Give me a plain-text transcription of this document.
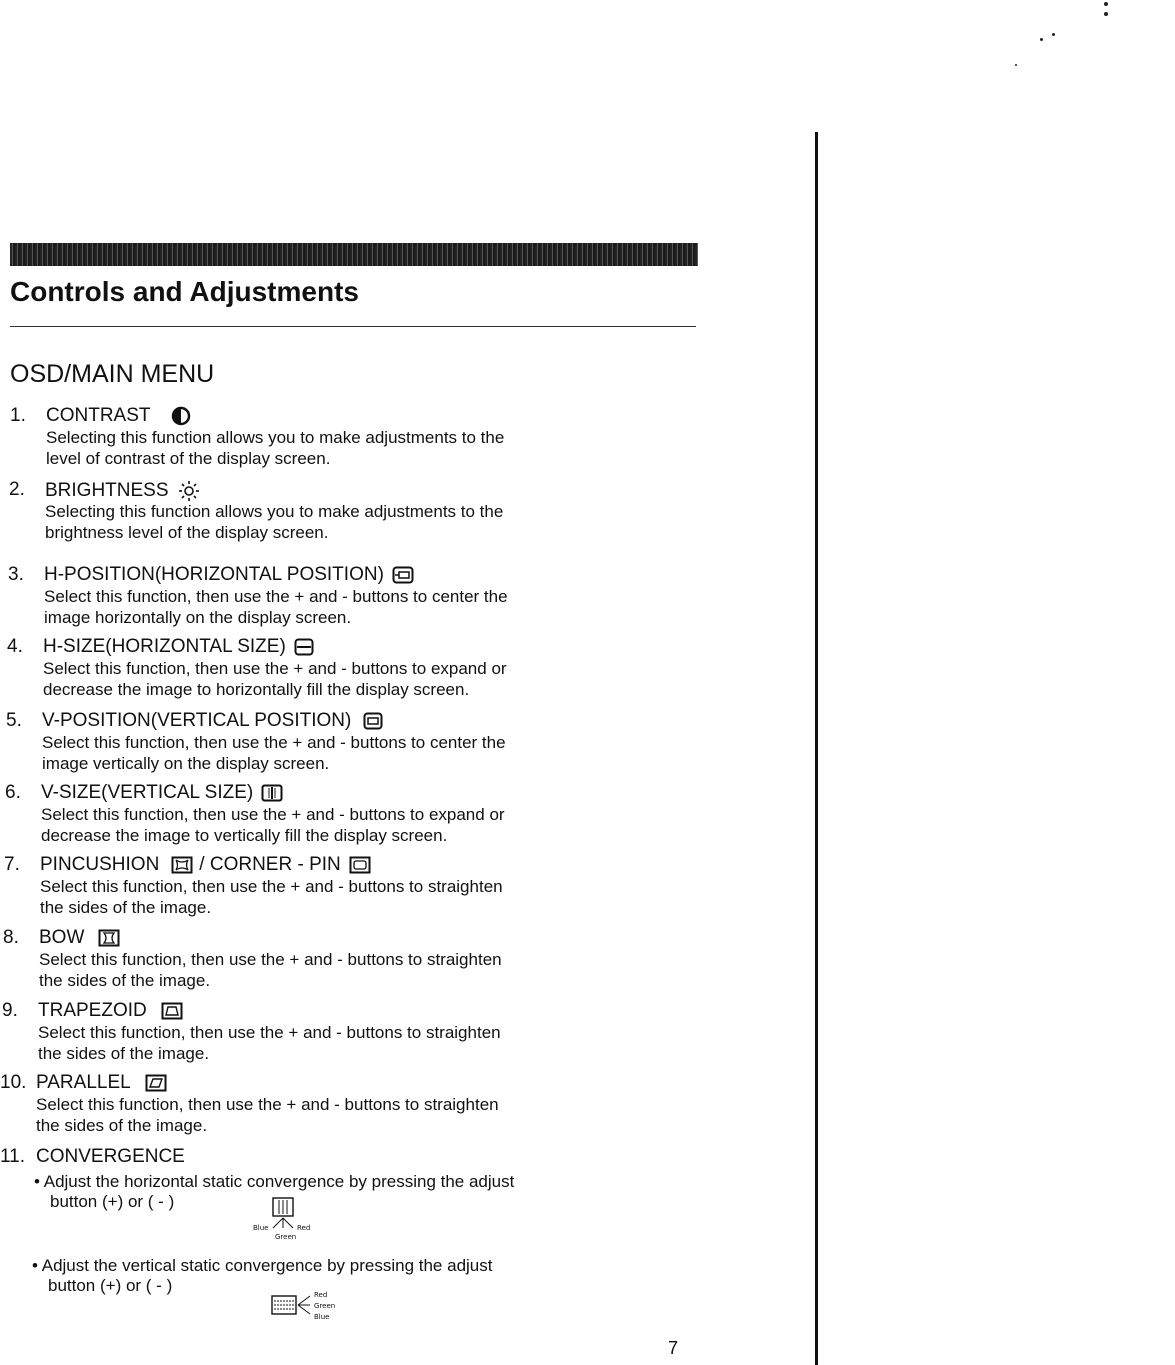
Controls and Adjustments
OSD/MAIN MENU
1. CONTRAST
Selecting this function allows you to make adjustments to the
level of contrast of the display screen.
2. BRIGHTNESS
Selecting this function allows you to make adjustments to the
brightness level of the display screen.
3. H-POSITION(HORIZONTAL POSITION)
Select this function, then use the + and - buttons to center the
image horizontally on the display screen.
4. H-SIZE(HORIZONTAL SIZE)
Select this function, then use the + and - buttons to expand or
decrease the image to horizontally fill the display screen.
5. V-POSITION(VERTICAL POSITION)
Select this function, then use the + and - buttons to center the
image vertically on the display screen.
6. V-SIZE(VERTICAL SIZE)
Select this function, then use the + and - buttons to expand or
decrease the image to vertically fill the display screen.
7. PINCUSHION / CORNER - PIN
Select this function, then use the + and - buttons to straighten
the sides of the image.
8. BOW
Select this function, then use the + and - buttons to straighten
the sides of the image.
9. TRAPEZOID
Select this function, then use the + and - buttons to straighten
the sides of the image.
10. PARALLEL
Select this function, then use the + and - buttons to straighten
the sides of the image.
11. CONVERGENCE
• Adjust the horizontal static convergence by pressing the adjust
button (+) or ( - )
Blue	Red
Green
• Adjust the vertical static convergence by pressing the adjust
button (+) or ( - )	Red
Green
Blue
7
